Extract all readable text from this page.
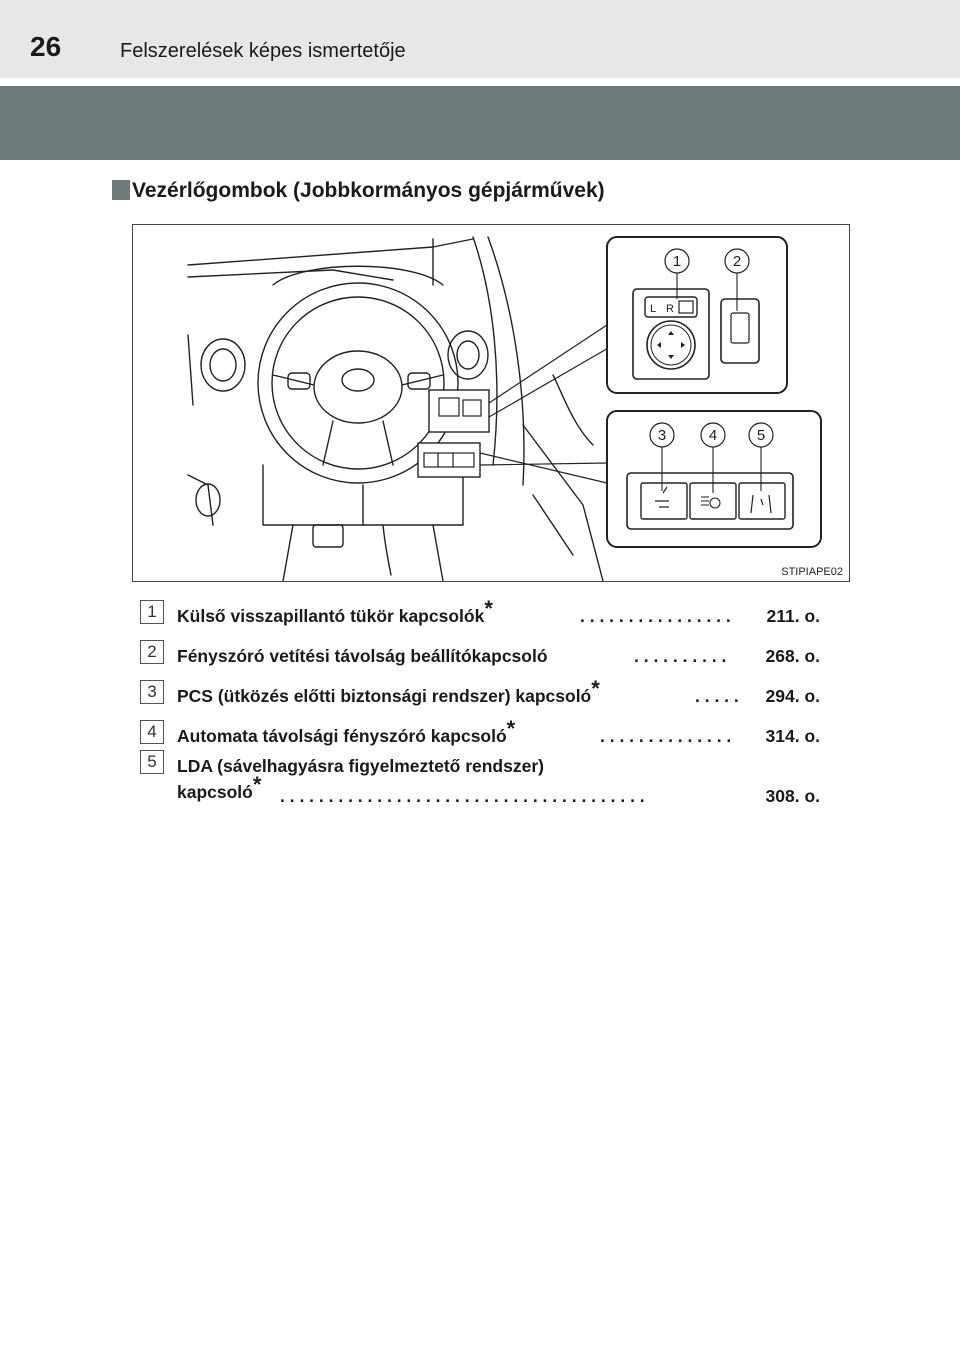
26	Felszerelések képes ismertetője
Vezérlőgombok (Jobbkormányos gépjárművek)
L R
1	2
3	4	5
STIPIAPE02
1	Külső visszapillantó tükör kapcsolók*	. . . . . . . . . . . . . . . .	211. o.
2	Fényszóró vetítési távolság beállítókapcsoló	. . . . . . . . . .	268. o.
3	PCS (ütközés előtti biztonsági rendszer) kapcsoló*	. . . . . 294. o.
4	Automata távolsági fényszóró kapcsoló*	. . . . . . . . . . . . . .	314. o.
5	LDA (sávelhagyásra figyelmeztető rendszer)
kapcsoló* . . . . . . . . . . . . . . . . . . . . . . . . . . . . . . . . . . . . . .	308. o.
